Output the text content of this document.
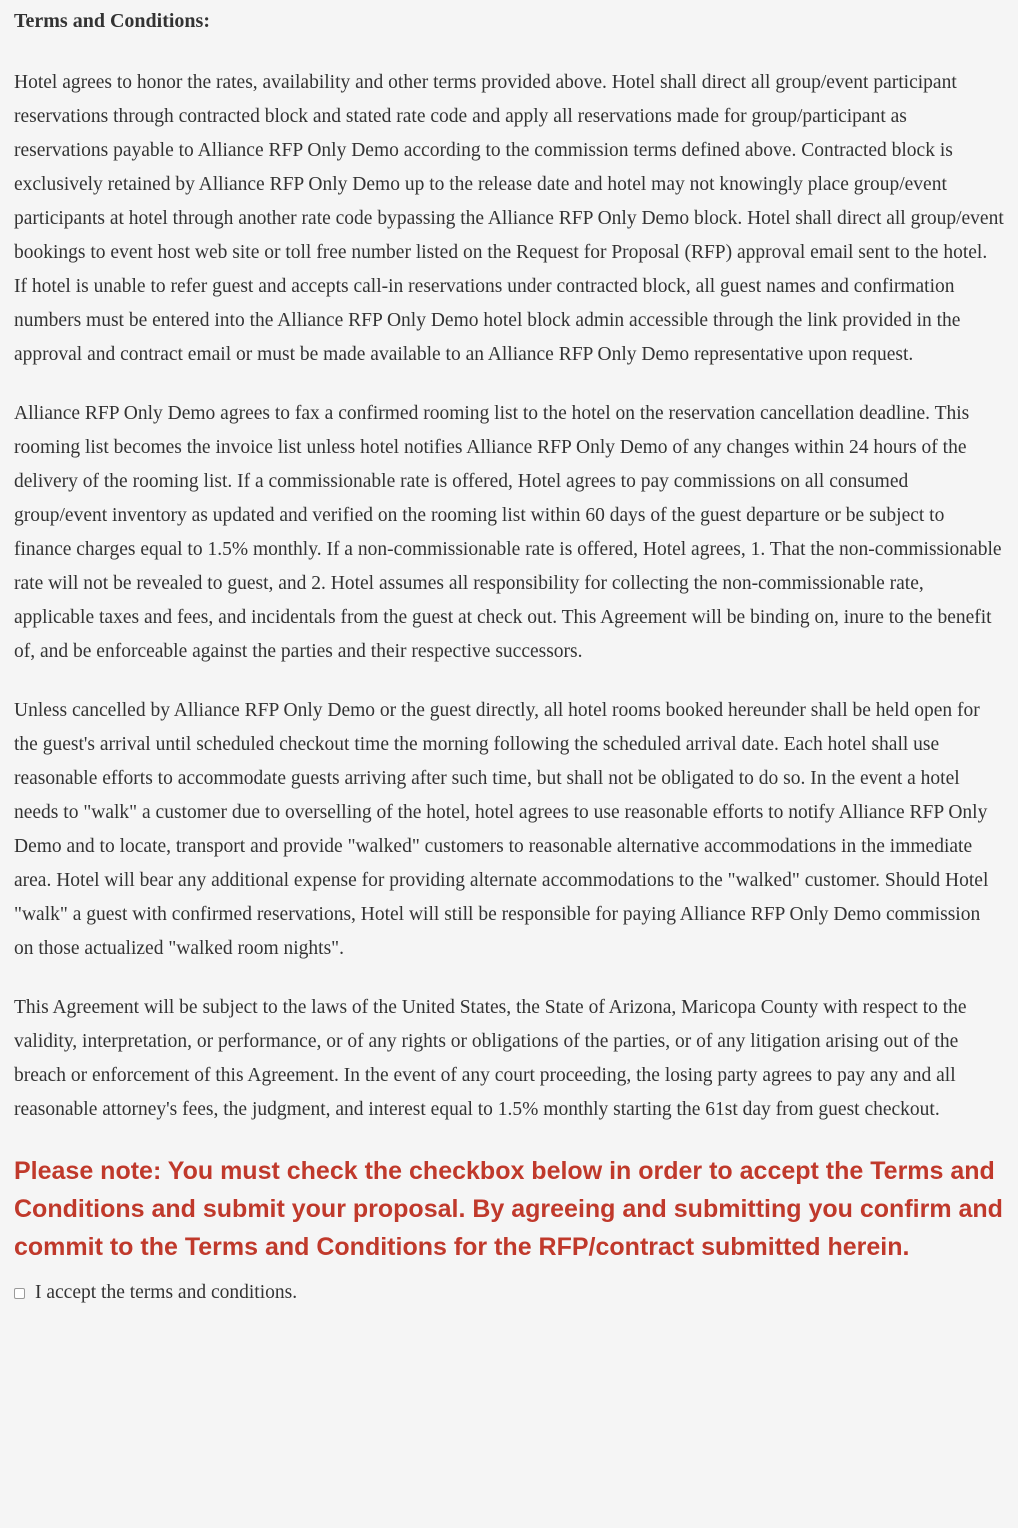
Terms and Conditions:

Hotel agrees to honor the rates, availability and other terms provided above. Hotel shall direct all group/event participant reservations through contracted block and stated rate code and apply all reservations made for group/participant as reservations payable to Alliance RFP Only Demo according to the commission terms defined above. Contracted block is exclusively retained by Alliance RFP Only Demo up to the release date and hotel may not knowingly place group/event participants at hotel through another rate code bypassing the Alliance RFP Only Demo block. Hotel shall direct all group/event bookings to event host web site or toll free number listed on the Request for Proposal (RFP) approval email sent to the hotel. If hotel is unable to refer guest and accepts call-in reservations under contracted block, all guest names and confirmation numbers must be entered into the Alliance RFP Only Demo hotel block admin accessible through the link provided in the approval and contract email or must be made available to an Alliance RFP Only Demo representative upon request.

Alliance RFP Only Demo agrees to fax a confirmed rooming list to the hotel on the reservation cancellation deadline. This rooming list becomes the invoice list unless hotel notifies Alliance RFP Only Demo of any changes within 24 hours of the delivery of the rooming list. If a commissionable rate is offered, Hotel agrees to pay commissions on all consumed group/event inventory as updated and verified on the rooming list within 60 days of the guest departure or be subject to finance charges equal to 1.5% monthly. If a non-commissionable rate is offered, Hotel agrees, 1. That the non-commissionable rate will not be revealed to guest, and 2. Hotel assumes all responsibility for collecting the non-commissionable rate, applicable taxes and fees, and incidentals from the guest at check out. This Agreement will be binding on, inure to the benefit of, and be enforceable against the parties and their respective successors.

Unless cancelled by Alliance RFP Only Demo or the guest directly, all hotel rooms booked hereunder shall be held open for the guest's arrival until scheduled checkout time the morning following the scheduled arrival date. Each hotel shall use reasonable efforts to accommodate guests arriving after such time, but shall not be obligated to do so. In the event a hotel needs to "walk" a customer due to overselling of the hotel, hotel agrees to use reasonable efforts to notify Alliance RFP Only Demo and to locate, transport and provide "walked" customers to reasonable alternative accommodations in the immediate area. Hotel will bear any additional expense for providing alternate accommodations to the "walked" customer. Should Hotel "walk" a guest with confirmed reservations, Hotel will still be responsible for paying Alliance RFP Only Demo commission on those actualized "walked room nights".

This Agreement will be subject to the laws of the United States, the State of Arizona, Maricopa County with respect to the validity, interpretation, or performance, or of any rights or obligations of the parties, or of any litigation arising out of the breach or enforcement of this Agreement. In the event of any court proceeding, the losing party agrees to pay any and all reasonable attorney's fees, the judgment, and interest equal to 1.5% monthly starting the 61st day from guest checkout.

Please note: You must check the checkbox below in order to accept the Terms and Conditions and submit your proposal. By agreeing and submitting you confirm and commit to the Terms and Conditions for the RFP/contract submitted herein.
I accept the terms and conditions.
